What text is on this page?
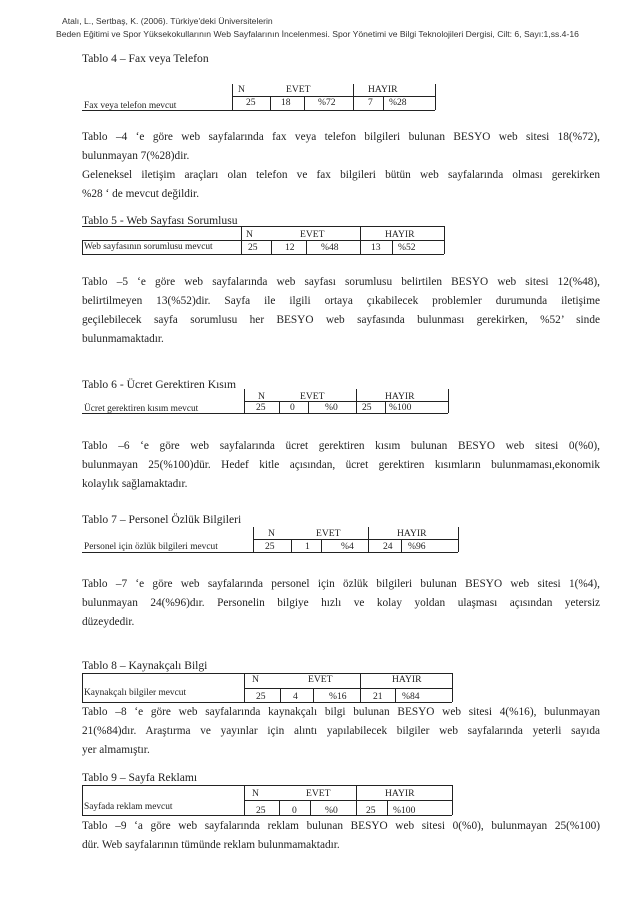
Atalı, L., Sertbaş, K. (2006). Türkiye'deki Üniversitelerin
Beden Eğitimi ve Spor Yüksekokullarının Web Sayfalarının İncelenmesi. Spor Yönetimi ve Bilgi Teknolojileri Dergisi, Cilt: 6, Sayı:1,ss.4-16
Tablo 4 – Fax veya Telefon
N	EVET	HAYIR
Fax veya telefon mevcut	25	18	%72	7 %28
Tablo –4 ‘e göre web sayfalarında fax veya telefon bilgileri bulunan BESYO web sitesi 18(%72),
bulunmayan 7(%28)dir.
Geleneksel iletişim araçları olan telefon ve fax bilgileri bütün web sayfalarında olması gerekirken
%28 ‘ de mevcut değildir.
Tablo 5 - Web Sayfası Sorumlusu
N	EVET	HAYIR
Web sayfasının sorumlusu mevcut	25	12	%48	13 %52
Tablo –5 ‘e göre web sayfalarında web sayfası sorumlusu belirtilen BESYO web sitesi 12(%48),
belirtilmeyen 13(%52)dir. Sayfa ile ilgili ortaya çıkabilecek problemler durumunda iletişime
geçilebilecek sayfa sorumlusu her BESYO web sayfasında bulunması gerekirken, %52’ sinde
bulunmamaktadır.
Tablo 6 - Ücret Gerektiren Kısım
N	EVET	HAYIR
Ücret gerektiren kısım mevcut	25	0	%0	25 %100
Tablo –6 ‘e göre web sayfalarında ücret gerektiren kısım bulunan BESYO web sitesi 0(%0),
bulunmayan 25(%100)dür. Hedef kitle açısından, ücret gerektiren kısımların bulunmaması,ekonomik
kolaylık sağlamaktadır.
Tablo 7 – Personel Özlük Bilgileri
N	EVET	HAYIR
Personel için özlük bilgileri mevcut	25	1	%4	24 %96
Tablo –7 ‘e göre web sayfalarında personel için özlük bilgileri bulunan BESYO web sitesi 1(%4),
bulunmayan 24(%96)dır. Personelin bilgiye hızlı ve kolay yoldan ulaşması açısından yetersiz
düzeydedir.
Tablo 8 – Kaynakçalı Bilgi
N	EVET	HAYIR
Kaynakçalı bilgiler mevcut	25	4	%16	21 %84
Tablo –8 ‘e göre web sayfalarında kaynakçalı bilgi bulunan BESYO web sitesi 4(%16), bulunmayan
21(%84)dır. Araştırma ve yayınlar için alıntı yapılabilecek bilgiler web sayfalarında yeterli sayıda
yer almamıştır.
Tablo 9 – Sayfa Reklamı
N	EVET	HAYIR
Sayfada reklam mevcut	25	0	%0	25 %100
Tablo –9 ‘a göre web sayfalarında reklam bulunan BESYO web sitesi 0(%0), bulunmayan 25(%100)
dür. Web sayfalarının tümünde reklam bulunmamaktadır.
